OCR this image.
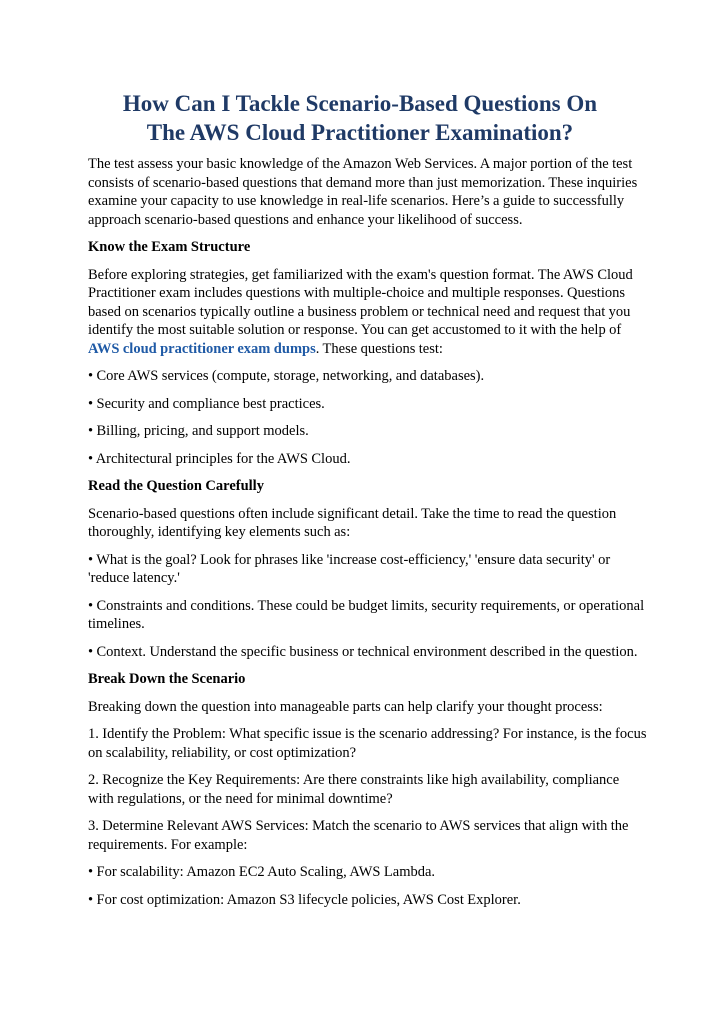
How Can I Tackle Scenario-Based Questions On
The AWS Cloud Practitioner Examination?

The test assess your basic knowledge of the Amazon Web Services. A major portion of the test consists of scenario-based questions that demand more than just memorization. These inquiries examine your capacity to use knowledge in real-life scenarios. Here’s a guide to successfully approach scenario-based questions and enhance your likelihood of success.

Know the Exam Structure

Before exploring strategies, get familiarized with the exam's question format. The AWS Cloud Practitioner exam includes questions with multiple-choice and multiple responses. Questions based on scenarios typically outline a business problem or technical need and request that you identify the most suitable solution or response. You can get accustomed to it with the help of AWS cloud practitioner exam dumps. These questions test:

• Core AWS services (compute, storage, networking, and databases).

• Security and compliance best practices.

• Billing, pricing, and support models.

• Architectural principles for the AWS Cloud.

Read the Question Carefully

Scenario-based questions often include significant detail. Take the time to read the question thoroughly, identifying key elements such as:

• What is the goal? Look for phrases like 'increase cost-efficiency,' 'ensure data security' or 'reduce latency.'

• Constraints and conditions. These could be budget limits, security requirements, or operational timelines.

• Context. Understand the specific business or technical environment described in the question.

Break Down the Scenario

Breaking down the question into manageable parts can help clarify your thought process:

1. Identify the Problem: What specific issue is the scenario addressing? For instance, is the focus on scalability, reliability, or cost optimization?

2. Recognize the Key Requirements: Are there constraints like high availability, compliance with regulations, or the need for minimal downtime?

3. Determine Relevant AWS Services: Match the scenario to AWS services that align with the requirements. For example:

• For scalability: Amazon EC2 Auto Scaling, AWS Lambda.

• For cost optimization: Amazon S3 lifecycle policies, AWS Cost Explorer.
